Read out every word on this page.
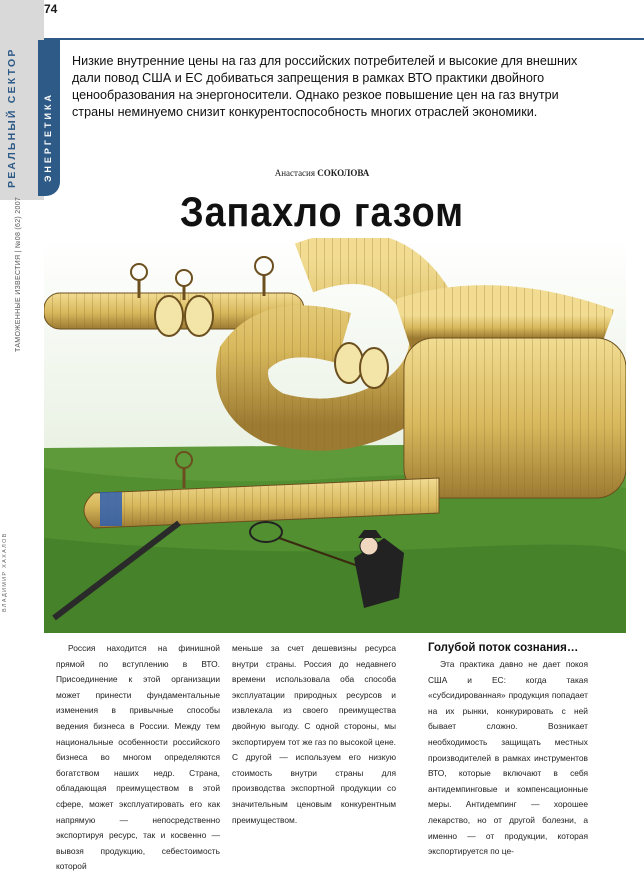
РЕАЛЬНЫЙ СЕКТОР	ЭНЕРГЕТИКА
ТАМОЖЕННЫЕ ИЗВЕСТИЯ | №08 (62) 2007
ВЛАДИМИР ХАХАЛОВ
74
Низкие внутренние цены на газ для российских потребителей и высокие для внешних дали повод США и ЕС добиваться запрещения в рамках ВТО практики двойного ценообразования на энергоносители. Однако резкое повышение цен на газ внутри страны неминуемо снизит конкурентоспособность многих отраслей экономики.
Анастасия СОКОЛОВА
Запахло газом
Россия находится на финишной прямой по вступлению в ВТО. Присоединение к этой организации может принести фундаментальные изменения в привычные способы ведения бизнеса в России. Между тем национальные особенности российского бизнеса во многом определяются богатством наших недр. Страна, обладающая преимуществом в этой сфере, может эксплуатировать его как напрямую — непосредственно экспортируя ресурс, так и косвенно — вывозя продукцию, себестоимость которой
меньше за счет дешевизны ресурса внутри страны. Россия до недавнего времени использовала оба способа эксплуатации природных ресурсов и извлекала из своего преимущества двойную выгоду. С одной стороны, мы экспортируем тот же газ по высокой цене. С другой — используем его низкую стоимость внутри страны для производства экспортной продукции со значительным ценовым конкурентным преимуществом.
Голубой поток сознания…

Эта практика давно не дает покоя США и ЕС: когда такая «субсидированная» продукция попадает на их рынки, конкурировать с ней бывает сложно. Возникает необходимость защищать местных производителей в рамках инструментов ВТО, которые включают в себя антидемпинговые и компенсационные меры. Антидемпинг — хорошее лекарство, но от другой болезни, а именно — от продукции, которая экспортируется по це-
